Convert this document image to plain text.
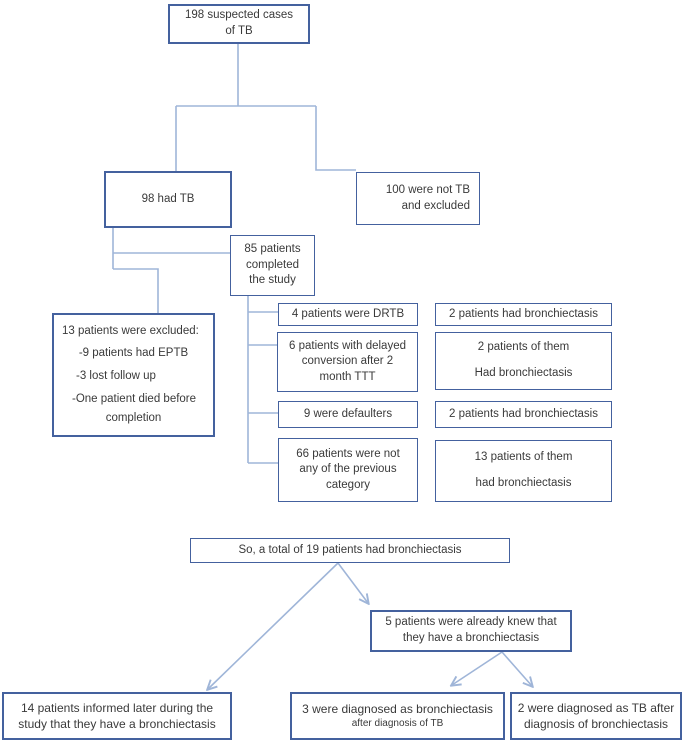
198 suspected cases
of TB
98 had TB
100 were not TB
and excluded
85 patients
completed
the study
13 patients were excluded:
-9 patients had EPTB
-3 lost follow up
-One patient died before
completion
4 patients were DRTB
6 patients with delayed
conversion after 2
month TTT
9 were defaulters
66 patients were not
any of the previous
category
2 patients had bronchiectasis
2 patients of them
Had bronchiectasis
2 patients had bronchiectasis
13 patients of them
had bronchiectasis
So, a total of 19 patients had bronchiectasis
5 patients were already knew that
they have a bronchiectasis
14 patients informed later during the
study that they have a bronchiectasis
3 were diagnosed as bronchiectasis
after diagnosis of TB
2 were diagnosed as TB after
diagnosis of bronchiectasis
